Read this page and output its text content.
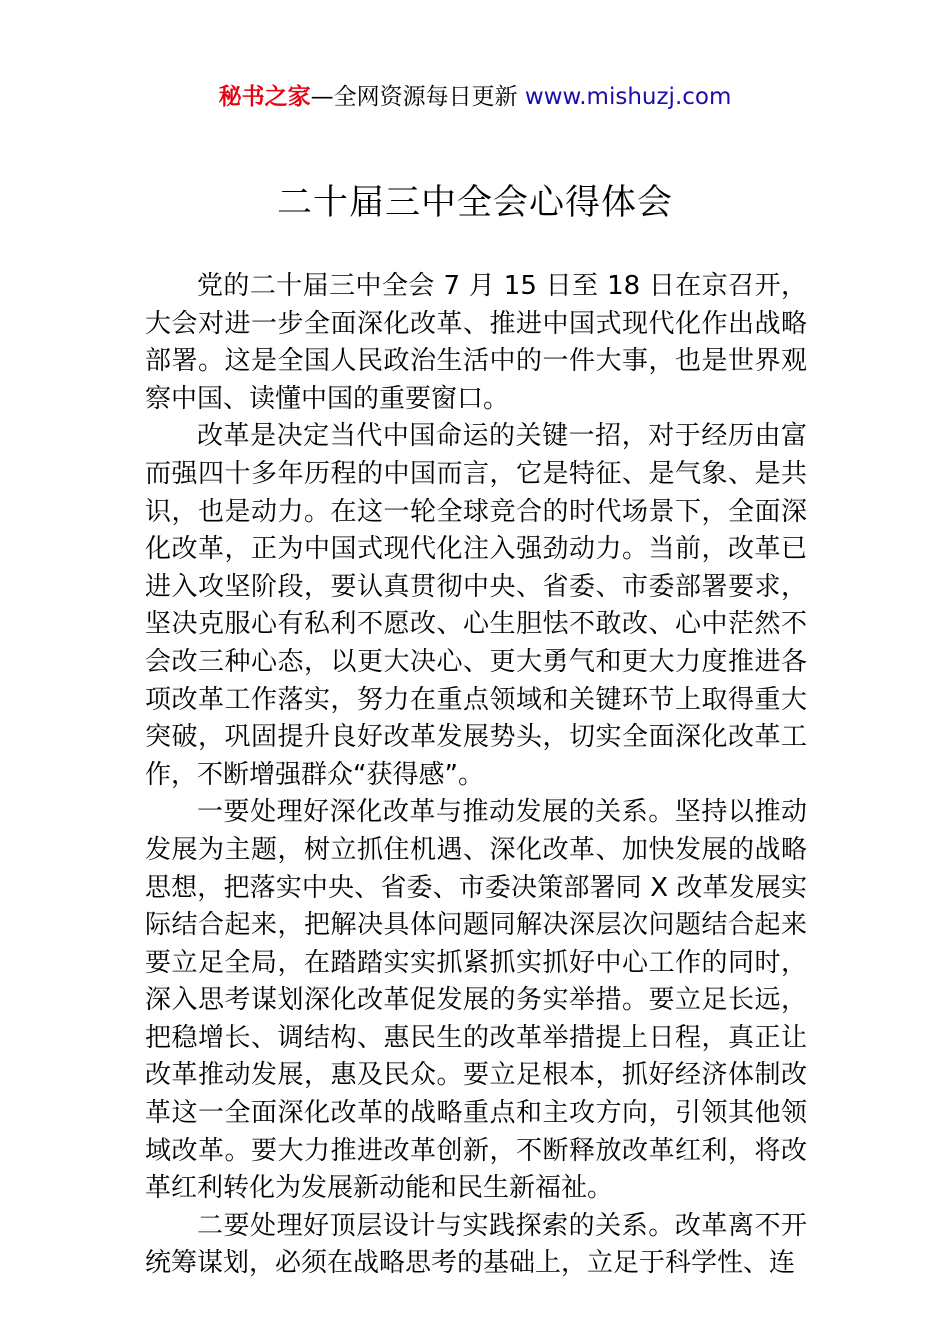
秘书之家—全网资源每日更新 www.mishuzj.com
二十届三中全会心得体会

党的二十届三中全会 7 月 15 日至 18 日在京召开，大会对进一步全面深化改革、推进中国式现代化作出战略部署。这是全国人民政治生活中的一件大事，也是世界观察中国、读懂中国的重要窗口。

改革是决定当代中国命运的关键一招，对于经历由富而强四十多年历程的中国而言，它是特征、是气象、是共识，也是动力。在这一轮全球竞合的时代场景下，全面深化改革，正为中国式现代化注入强劲动力。当前，改革已进入攻坚阶段，要认真贯彻中央、省委、市委部署要求，坚决克服心有私利不愿改、心生胆怯不敢改、心中茫然不会改三种心态，以更大决心、更大勇气和更大力度推进各项改革工作落实，努力在重点领域和关键环节上取得重大突破，巩固提升良好改革发展势头，切实全面深化改革工作，不断增强群众“获得感”。

一要处理好深化改革与推动发展的关系。坚持以推动发展为主题，树立抓住机遇、深化改革、加快发展的战略思想，把落实中央、省委、市委决策部署同 X 改革发展实际结合起来，把解决具体问题同解决深层次问题结合起来要立足全局，在踏踏实实抓紧抓实抓好中心工作的同时，深入思考谋划深化改革促发展的务实举措。要立足长远，把稳增长、调结构、惠民生的改革举措提上日程，真正让改革推动发展，惠及民众。要立足根本，抓好经济体制改革这一全面深化改革的战略重点和主攻方向，引领其他领域改革。要大力推进改革创新，不断释放改革红利，将改革红利转化为发展新动能和民生新福祉。

二要处理好顶层设计与实践探索的关系。改革离不开统筹谋划，必须在战略思考的基础上，立足于科学性、连
